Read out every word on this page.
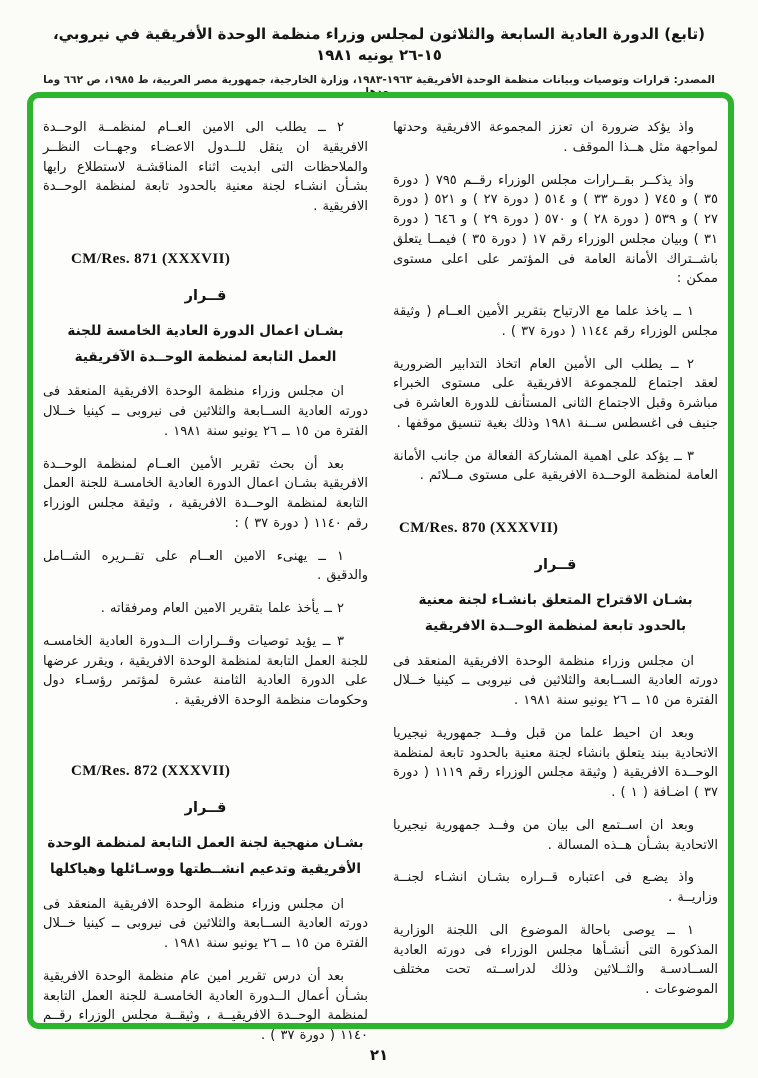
(تابع) الدورة العادية السابعة والثلاثون لمجلس وزراء منظمة الوحدة الأفريقية في نيروبي، ١٥-٢٦ يونيه ١٩٨١
المصدر: قرارات وتوصيات وبيانات منظمة الوحدة الأفريقية ١٩٦٣-١٩٨٣، وزارة الخارجية، جمهورية مصر العربية، ط ١٩٨٥، ص ٦٦٢ وما

واذ يؤكد ضرورة ان تعزز المجموعة الافريقية وحدتها لمواجهة مثل هــذا الموقف .

واذ يذكــر بقــرارات مجلس الوزراء رقــم ٧٩٥ ( دورة ٣٥ ) و ٧٤٥ ( دورة ٣٣ ) و ٥١٤ ( دورة ٢٧ ) و ٥٢١ ( دورة ٢٧ ) و ٥٣٩ ( دورة ٢٨ ) و ٥٧٠ ( دورة ٢٩ ) و ٦٤٦ ( دورة ٣١ ) وبيان مجلس الوزراء رقم ١٧ ( دورة ٣٥ ) فيمــا يتعلق باشــتراك الأمانة العامة فى المؤتمر على اعلى مستوى ممكن :

١ ــ ياخذ علما مع الارتياح بتقرير الأمين العــام ( وثيقة مجلس الوزراء رقم ١١٤٤ ( دورة ٣٧ ) .

٢ ــ يطلب الى الأمين العام اتخاذ التدابير الضرورية لعقد اجتماع للمجموعة الافريقية على مستوى الخبراء مباشرة وقبل الاجتماع الثانى المستأنف للدورة العاشرة فى جنيف فى اغسطس ســنة ١٩٨١ وذلك بغية تنسيق موقفها .

٣ ــ يؤكد على اهمية المشاركة الفعالة من جانب الأمانة العامة لمنظمة الوحــدة الافريقية على مستوى مــلائم .

CM/Res. 870 (XXXVII)
قــرار
بشـان الاقتراح المتعلق بانشـاء لجنة معنية
بالحدود تابعة لمنظمة الوحــدة الافريقية

ان مجلس وزراء منظمة الوحدة الافريقية المنعقد فى دورته العادية الســابعة والثلاثين فى نيروبى ــ كينيا خــلال الفترة من ١٥ ــ ٢٦ يونيو سنة ١٩٨١ .

وبعد ان احيط علما من قبل وفــد جمهورية نيجيريا الاتحادية ببند يتعلق بانشاء لجنة معنية بالحدود تابعة لمنظمة الوحــدة الافريقية ( وثيقة مجلس الوزراء رقم ١١١٩ ( دورة ٣٧ ) اضـافة ( ١ ) .

وبعد ان اســتمع الى بيان من وفــد جمهورية نيجيريا الاتحادية بشـأن هــذه المسالة .

واذ يضـع فى اعتباره قــراره بشـان انشـاء لجنــة وزاريــة .

١ ــ يوصى باحالة الموضوع الى اللجنة الوزارية المذكورة التى أنشـأها مجلس الوزراء فى دورته العادية الســادسـة والثــلاثين وذلك لدراســته تحت مختلف الموضوعات .

٢ ــ يطلب الى الامين العــام لمنظمــة الوحــدة الافريقية ان ينقل للــدول الاعضـاء وجهــات النظــر والملاحظات التى ابديت اثناء المناقشـة لاستطلاع رايها بشـأن انشـاء لجنة معنية بالحدود تابعة لمنظمة الوحــدة الافريقية .

CM/Res. 871 (XXXVII)
قــرار
بشـان اعمال الدورة العادية الخامسة للجنة
العمل التابعة لمنظمة الوحــدة الآفريقية

ان مجلس وزراء منظمة الوحدة الافريقية المنعقد فى دورته العادية الســابعة والثلاثين فى نيروبى ــ كينيا خــلال الفترة من ١٥ ــ ٢٦ يونيو سنة ١٩٨١ .

بعد أن بحث تقرير الأمين العــام لمنظمة الوحــدة الافريقية بشـان اعمال الدورة العادية الخامسـة للجنة العمل التابعة لمنظمة الوحــدة الافريقية ، وثيقة مجلس الوزراء رقم ١١٤٠ ( دورة ٣٧ ) :

١ ــ يهنىء الامين العــام على تقــريره الشــامل والدقيق .

٢ ــ يأخذ علما بتقرير الامين العام ومرفقاته .

٣ ــ يؤيد توصيات وقــرارات الــدورة العادية الخامسـه للجنة العمل التابعة لمنظمة الوحدة الافريقية ، ويقرر عرضها على الدورة العادية الثامنة عشرة لمؤتمر رؤسـاء دول وحكومات منظمة الوحدة الافريقية .

CM/Res. 872 (XXXVII)
قــرار
بشـان منهجية لجنة العمل التابعة لمنظمة الوحدة
الأفريقية وتدعيم انشــطتها ووسـائلها وهياكلها

ان مجلس وزراء منظمة الوحدة الافريقية المنعقد فى دورته العادية الســابعة والثلاثين فى نيروبى ــ كينيا خــلال الفترة من ١٥ ــ ٢٦ يونيو سنة ١٩٨١ .

بعد أن درس تقرير امين عام منظمة الوحدة الافريقية بشـأن أعمال الــدورة العادية الخامسـة للجنة العمل التابعة لمنظمة الوحــدة الافريقيــة ، وثيقــة مجلس الوزراء رقــم ١١٤٠ ( دورة ٣٧ ) .

٢١
